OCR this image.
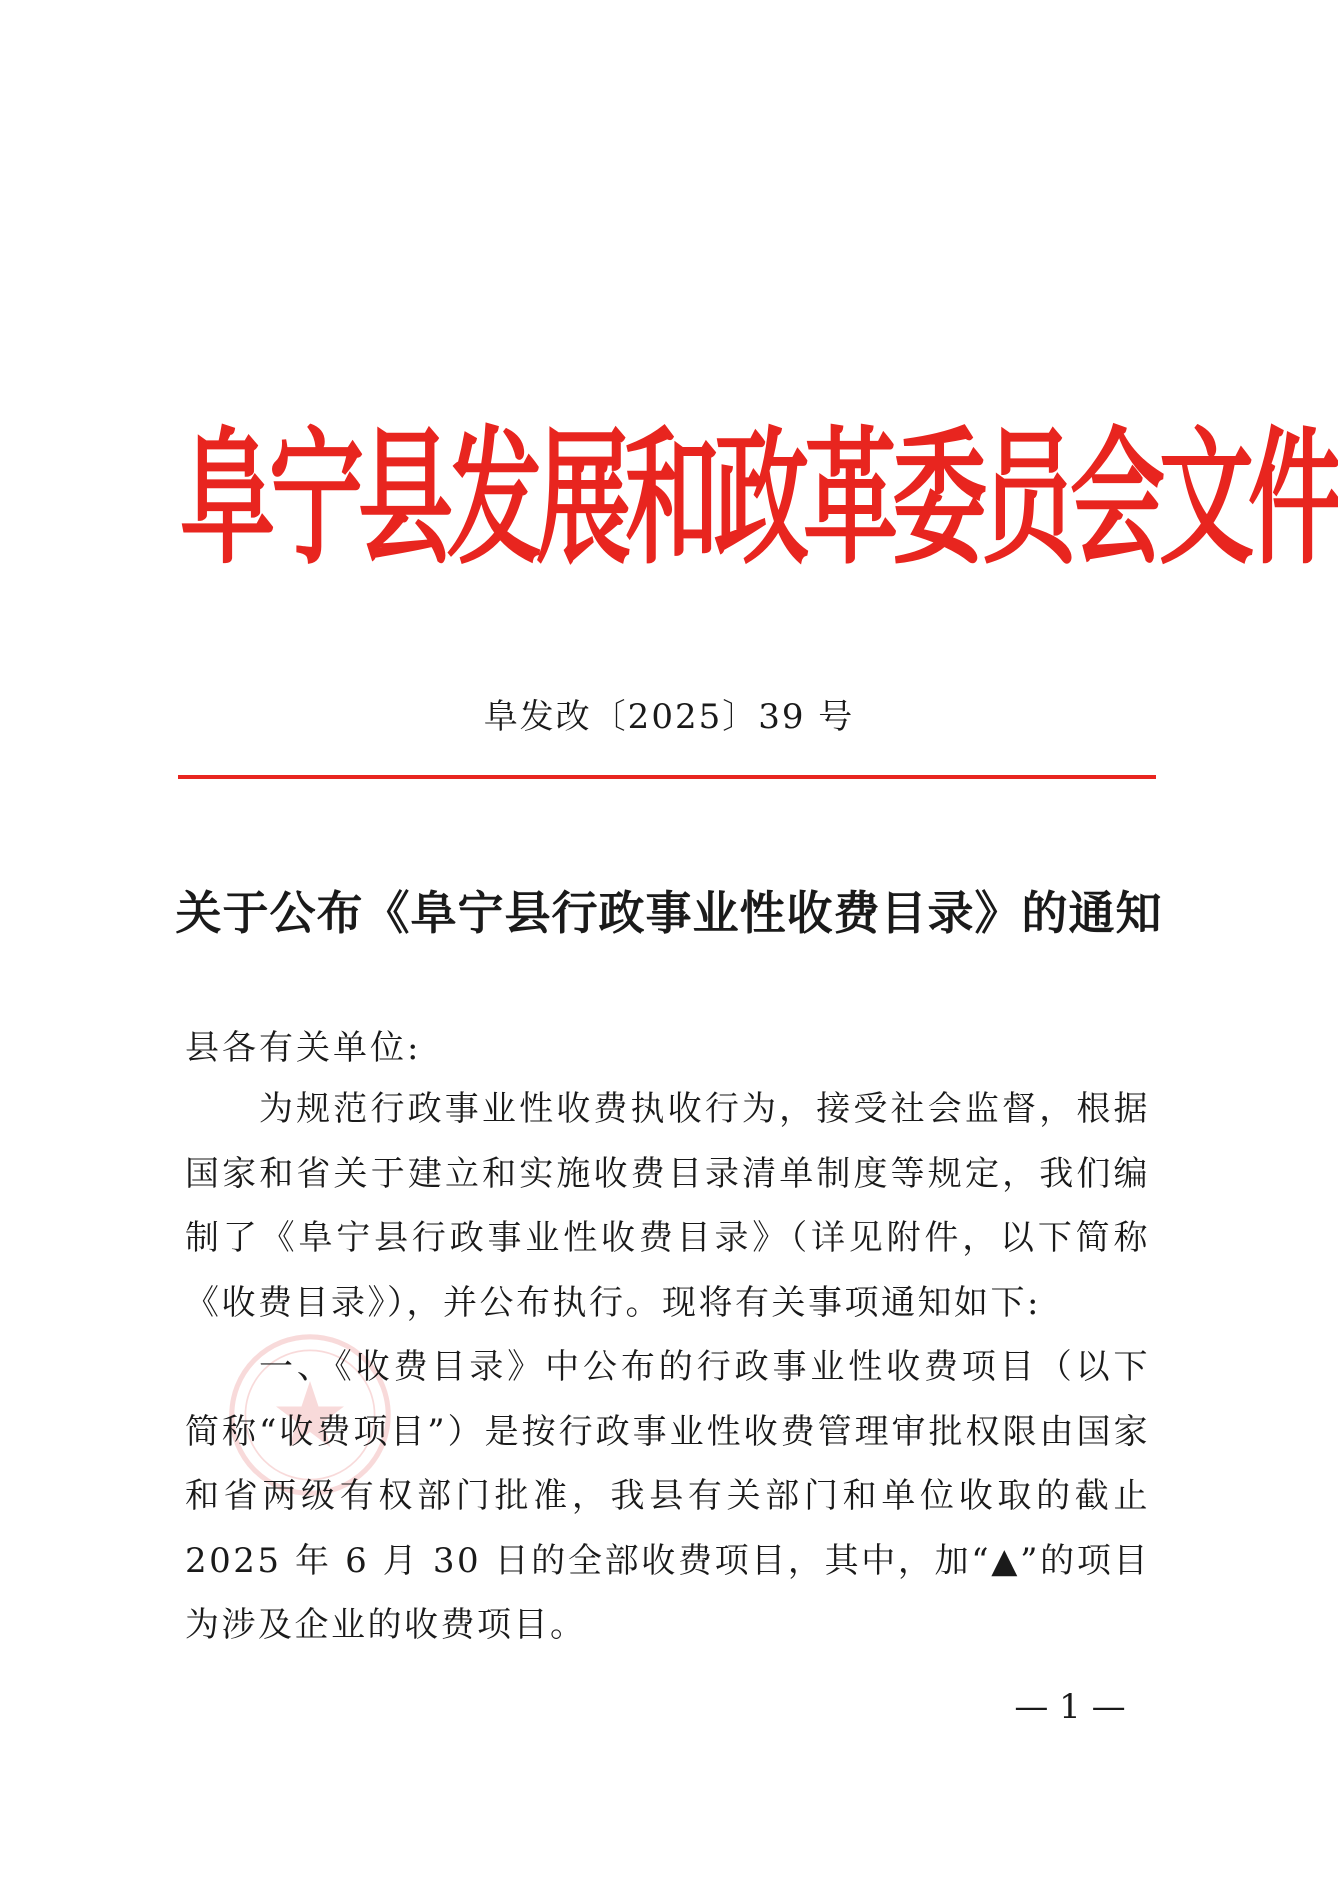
阜宁县发展和政革委员会文件
阜发改〔2025〕39 号
关于公布《阜宁县行政事业性收费目录》的通知
县各有关单位:

为规范行政事业性收费执收行为，接受社会监督，根据国家和省关于建立和实施收费目录清单制度等规定，我们编制了《阜宁县行政事业性收费目录》（详见附件，以下简称《收费目录》），并公布执行。现将有关事项通知如下:

一、《收费目录》中公布的行政事业性收费项目（以下简称“收费项目”）是按行政事业性收费管理审批权限由国家和省两级有权部门批准，我县有关部门和单位收取的截止 2025 年 6 月 30 日的全部收费项目，其中，加“▲”的项目为涉及企业的收费项目。

— 1 —
